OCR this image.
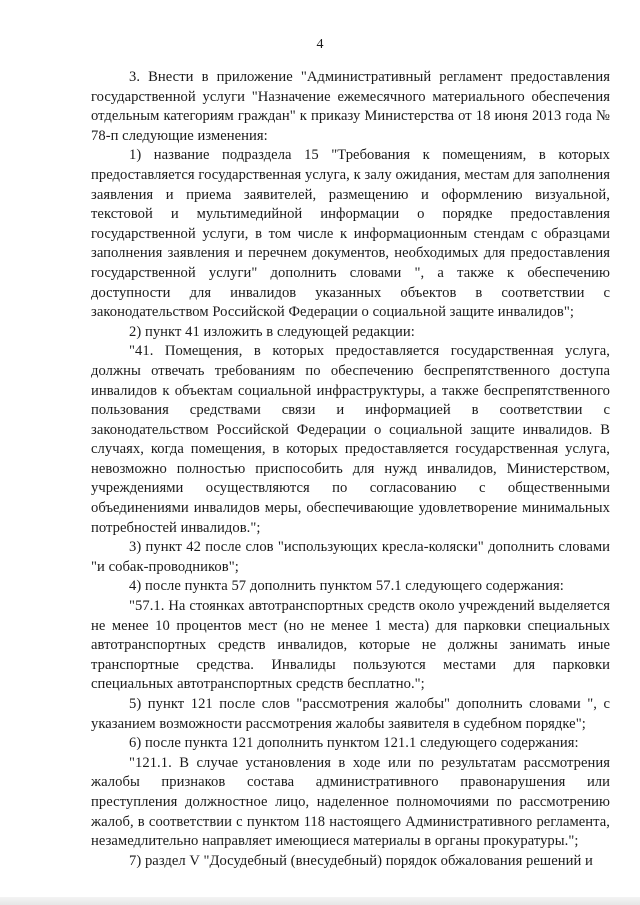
4

3. Внести в приложение "Административный регламент предоставления государственной услуги "Назначение ежемесячного материального обеспечения отдельным категориям граждан" к приказу Министерства от 18 июня 2013 года № 78-п следующие изменения:

1) название подраздела 15 "Требования к помещениям, в которых предоставляется государственная услуга, к залу ожидания, местам для заполнения заявления и приема заявителей, размещению и оформлению визуальной, текстовой и мультимедийной информации о порядке предоставления государственной услуги, в том числе к информационным стендам с образцами заполнения заявления и перечнем документов, необходимых для предоставления государственной услуги" дополнить словами ", а также к обеспечению доступности для инвалидов указанных объектов в соответствии с законодательством Российской Федерации о социальной защите инвалидов";

2) пункт 41 изложить в следующей редакции:

"41. Помещения, в которых предоставляется государственная услуга, должны отвечать требованиям по обеспечению беспрепятственного доступа инвалидов к объектам социальной инфраструктуры, а также беспрепятственного пользования средствами связи и информацией в соответствии с законодательством Российской Федерации о социальной защите инвалидов. В случаях, когда помещения, в которых предоставляется государственная услуга, невозможно полностью приспособить для нужд инвалидов, Министерством, учреждениями осуществляются по согласованию с общественными объединениями инвалидов меры, обеспечивающие удовлетворение минимальных потребностей инвалидов.";

3) пункт 42 после слов "использующих кресла-коляски" дополнить словами "и собак-проводников";

4) после пункта 57 дополнить пунктом 57.1 следующего содержания:

"57.1. На стоянках автотранспортных средств около учреждений выделяется не менее 10 процентов мест (но не менее 1 места) для парковки специальных автотранспортных средств инвалидов, которые не должны занимать иные транспортные средства. Инвалиды пользуются местами для парковки специальных автотранспортных средств бесплатно.";

5) пункт 121 после слов "рассмотрения жалобы" дополнить словами ", с указанием возможности рассмотрения жалобы заявителя в судебном порядке";

6) после пункта 121 дополнить пунктом 121.1 следующего содержания:

"121.1. В случае установления в ходе или по результатам рассмотрения жалобы признаков состава административного правонарушения или преступления должностное лицо, наделенное полномочиями по рассмотрению жалоб, в соответствии с пунктом 118 настоящего Административного регламента, незамедлительно направляет имеющиеся материалы в органы прокуратуры.";

7) раздел V "Досудебный (внесудебный) порядок обжалования решений и
